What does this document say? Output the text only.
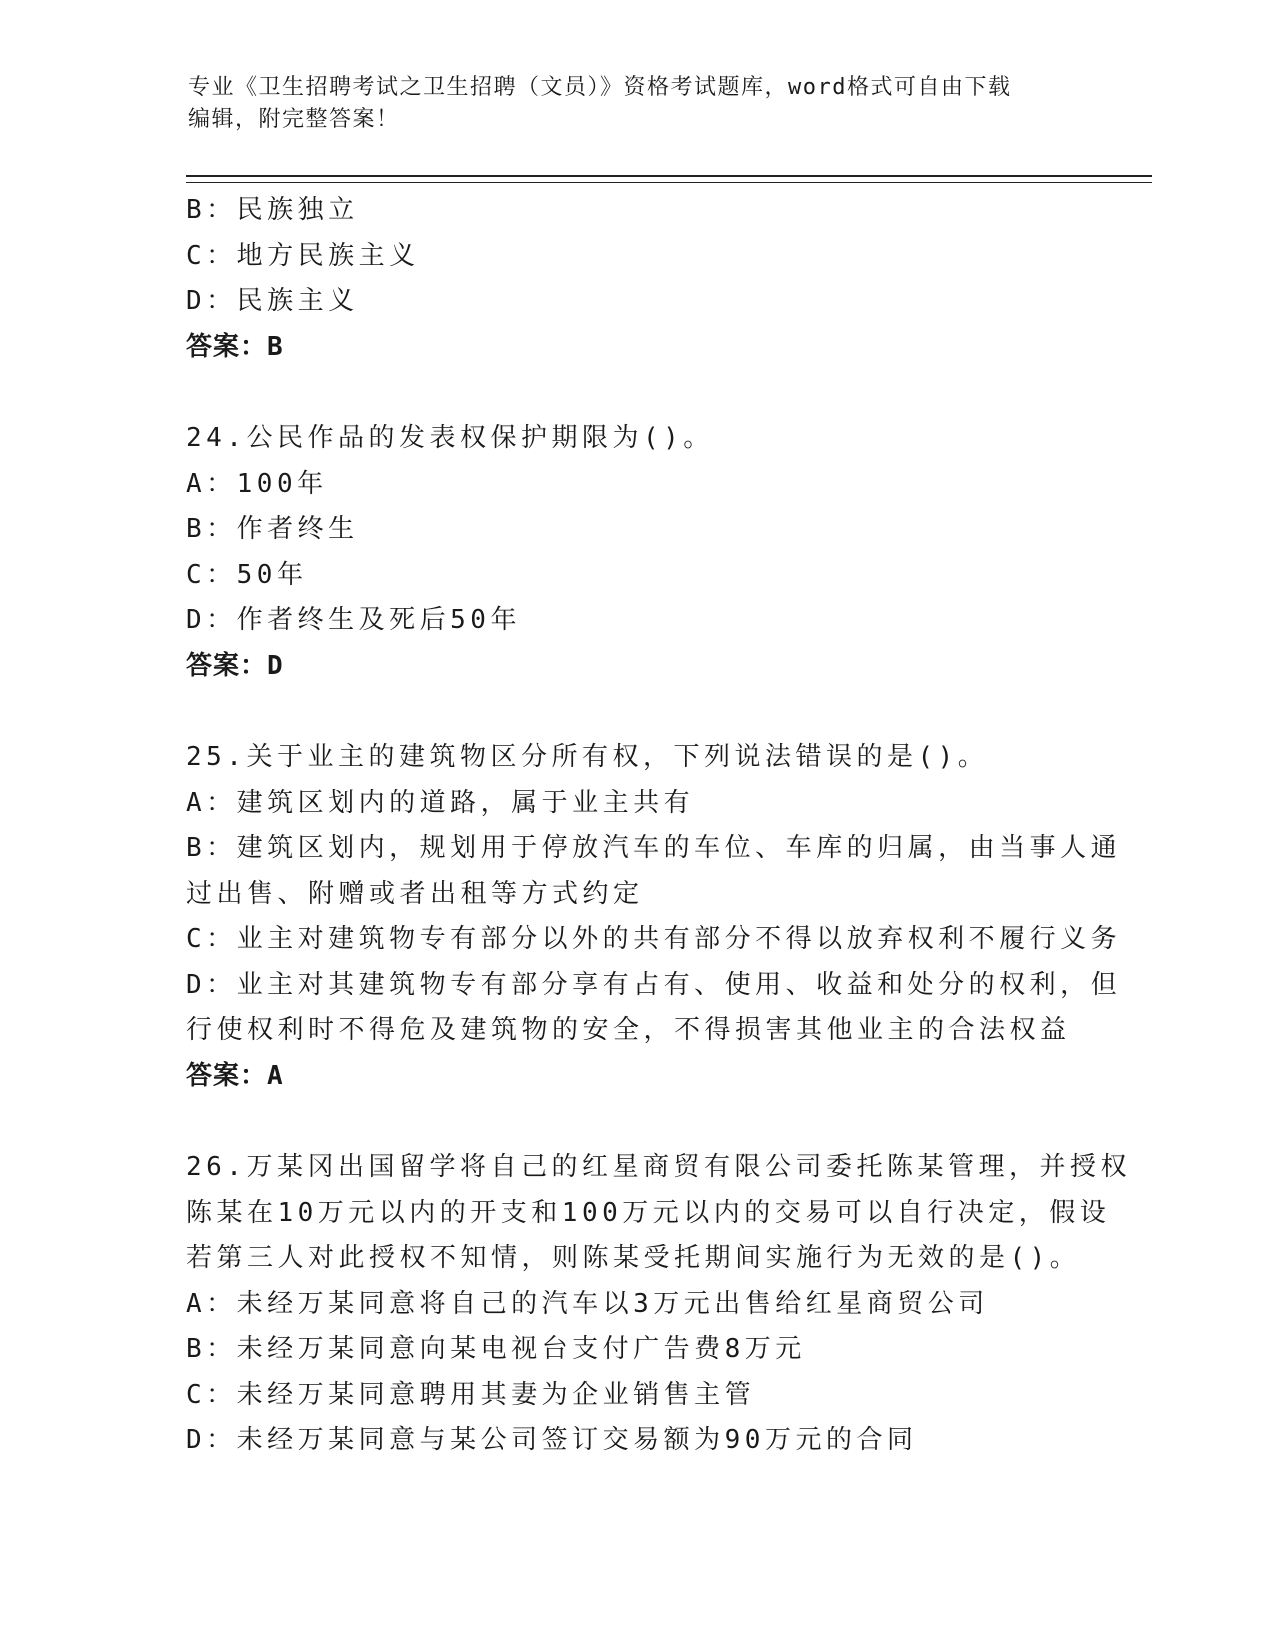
专业《卫生招聘考试之卫生招聘（文员）》资格考试题库，word格式可自由下载
编辑，附完整答案！
B：民族独立
C：地方民族主义
D：民族主义
答案：B
24.公民作品的发表权保护期限为()。
A：100年
B：作者终生
C：50年
D：作者终生及死后50年
答案：D
25.关于业主的建筑物区分所有权，下列说法错误的是()。
A：建筑区划内的道路，属于业主共有
B：建筑区划内，规划用于停放汽车的车位、车库的归属，由当事人通
过出售、附赠或者出租等方式约定
C：业主对建筑物专有部分以外的共有部分不得以放弃权利不履行义务
D：业主对其建筑物专有部分享有占有、使用、收益和处分的权利，但
行使权利时不得危及建筑物的安全，不得损害其他业主的合法权益
答案：A
26.万某冈出国留学将自己的红星商贸有限公司委托陈某管理，并授权
陈某在10万元以内的开支和100万元以内的交易可以自行决定，假设
若第三人对此授权不知情，则陈某受托期间实施行为无效的是()。
A：未经万某同意将自己的汽车以3万元出售给红星商贸公司
B：未经万某同意向某电视台支付广告费8万元
C：未经万某同意聘用其妻为企业销售主管
D：未经万某同意与某公司签订交易额为90万元的合同
